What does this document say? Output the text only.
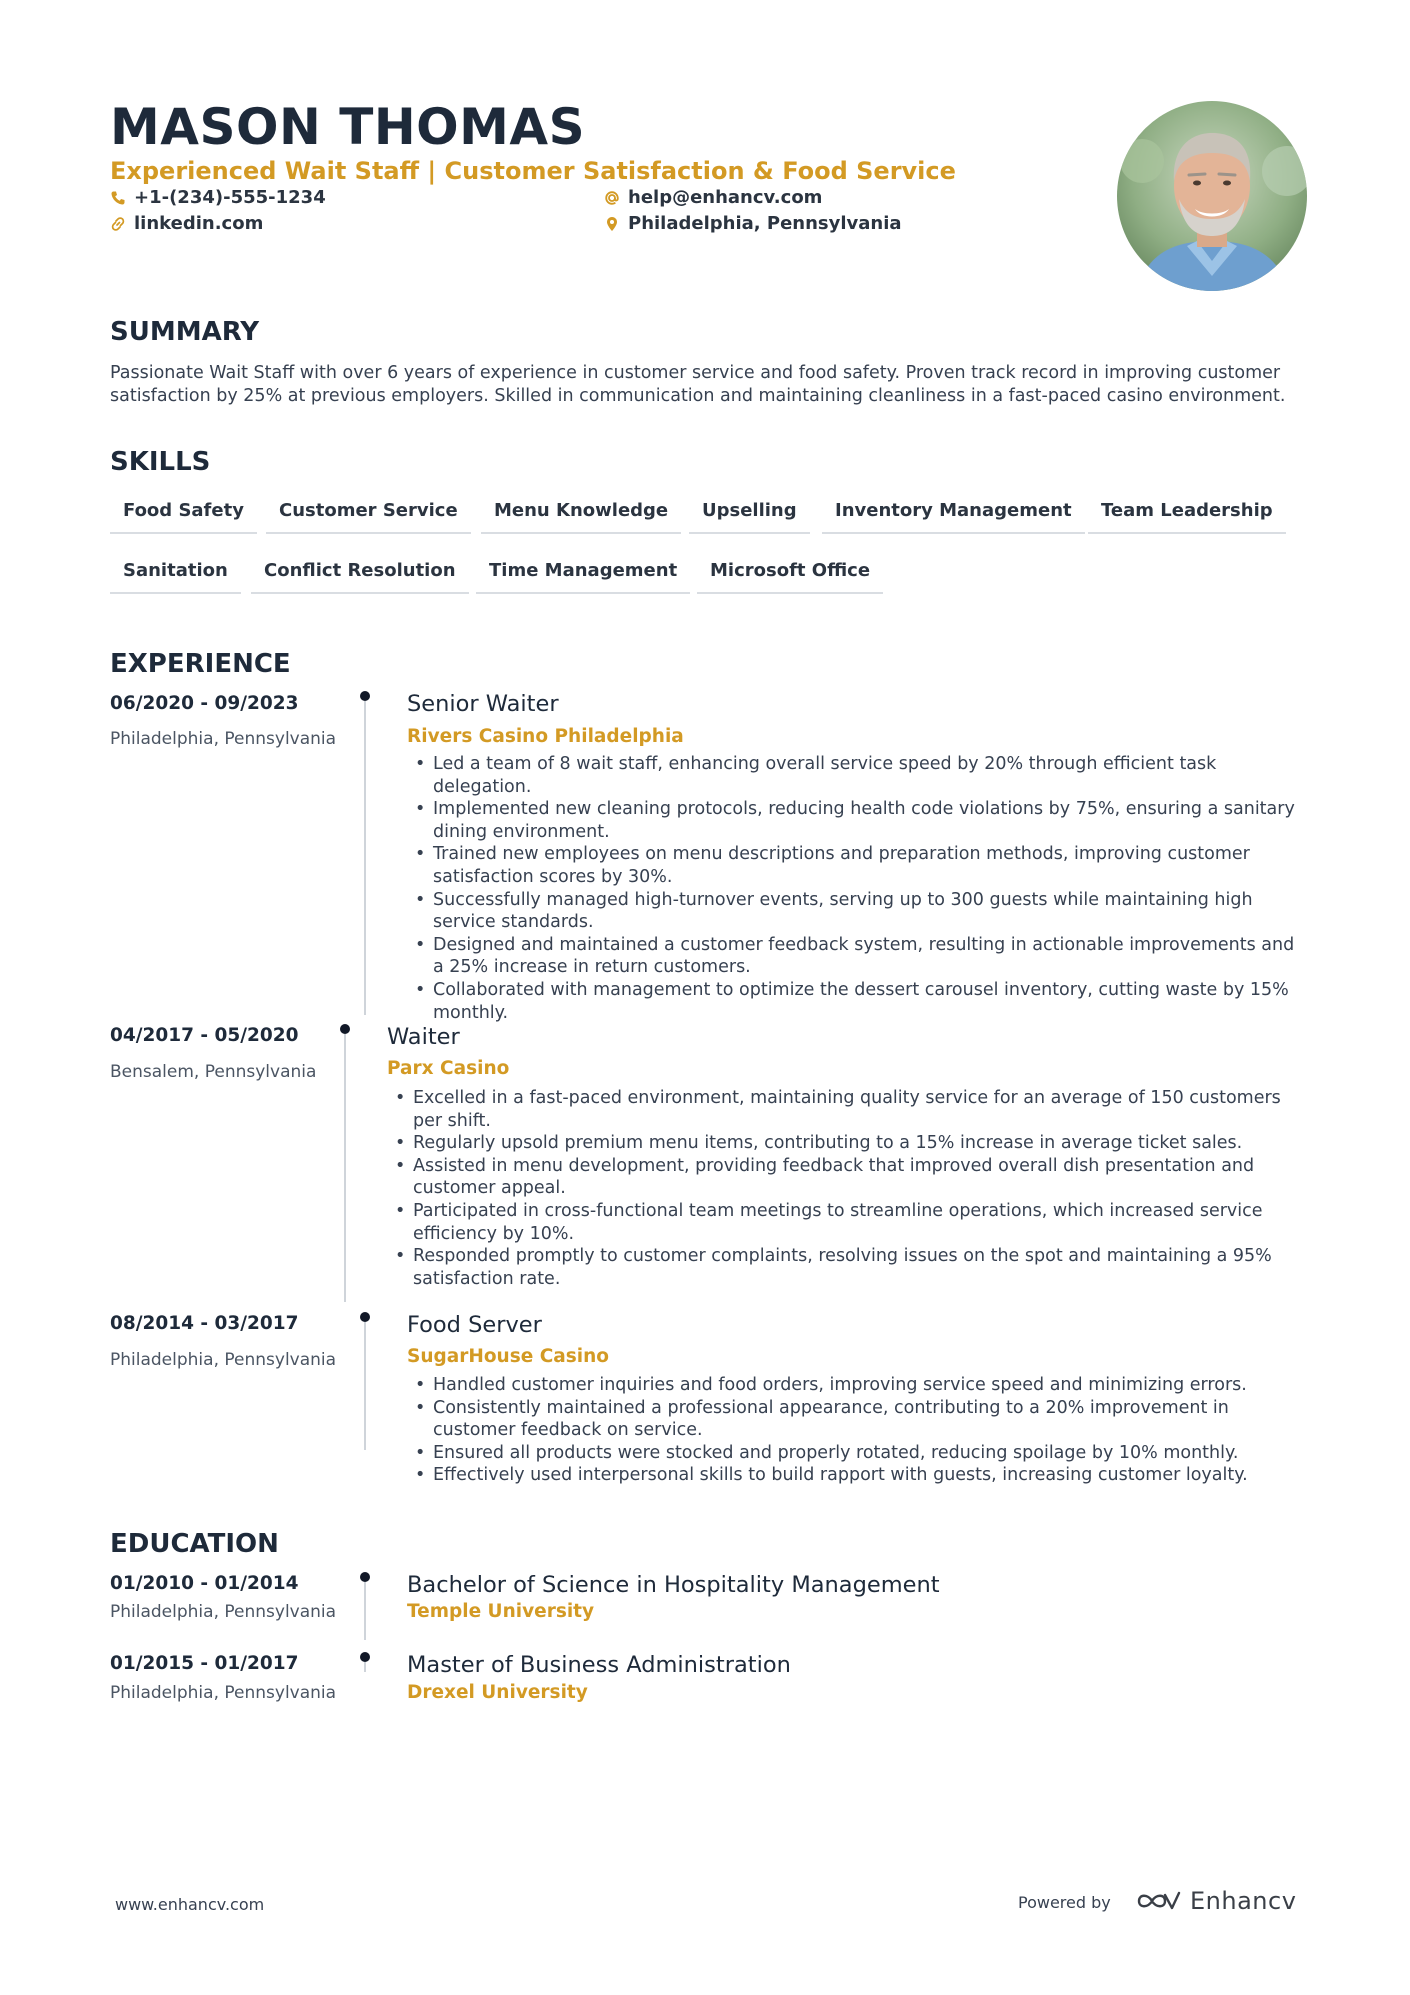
MASON THOMAS
Experienced Wait Staff | Customer Satisfaction & Food Service
+1-(234)-555-1234	help@enhancv.com
linkedin.com	Philadelphia, Pennsylvania
SUMMARY
Passionate Wait Staff with over 6 years of experience in customer service and food safety. Proven track record in improving customer satisfaction by 25% at previous employers. Skilled in communication and maintaining cleanliness in a fast-paced casino environment.
SKILLS
Food Safety	Customer Service	Menu Knowledge	Upselling	Inventory Management	Team Leadership
Sanitation	Conflict Resolution	Time Management	Microsoft Office
EXPERIENCE
06/2020 - 09/2023
Philadelphia, Pennsylvania
Senior Waiter
Rivers Casino Philadelphia
• Led a team of 8 wait staff, enhancing overall service speed by 20% through efficient task delegation.
• Implemented new cleaning protocols, reducing health code violations by 75%, ensuring a sanitary dining environment.
• Trained new employees on menu descriptions and preparation methods, improving customer satisfaction scores by 30%.
• Successfully managed high-turnover events, serving up to 300 guests while maintaining high service standards.
• Designed and maintained a customer feedback system, resulting in actionable improvements and a 25% increase in return customers.
• Collaborated with management to optimize the dessert carousel inventory, cutting waste by 15% monthly.
04/2017 - 05/2020
Bensalem, Pennsylvania
Waiter
Parx Casino
• Excelled in a fast-paced environment, maintaining quality service for an average of 150 customers per shift.
• Regularly upsold premium menu items, contributing to a 15% increase in average ticket sales.
• Assisted in menu development, providing feedback that improved overall dish presentation and customer appeal.
• Participated in cross-functional team meetings to streamline operations, which increased service efficiency by 10%.
• Responded promptly to customer complaints, resolving issues on the spot and maintaining a 95% satisfaction rate.
08/2014 - 03/2017
Philadelphia, Pennsylvania
Food Server
SugarHouse Casino
• Handled customer inquiries and food orders, improving service speed and minimizing errors.
• Consistently maintained a professional appearance, contributing to a 20% improvement in customer feedback on service.
• Ensured all products were stocked and properly rotated, reducing spoilage by 10% monthly.
• Effectively used interpersonal skills to build rapport with guests, increasing customer loyalty.
EDUCATION
01/2010 - 01/2014
Philadelphia, Pennsylvania
Bachelor of Science in Hospitality Management
Temple University
01/2015 - 01/2017
Philadelphia, Pennsylvania
Master of Business Administration
Drexel University
www.enhancv.com	Powered by	Enhancv
